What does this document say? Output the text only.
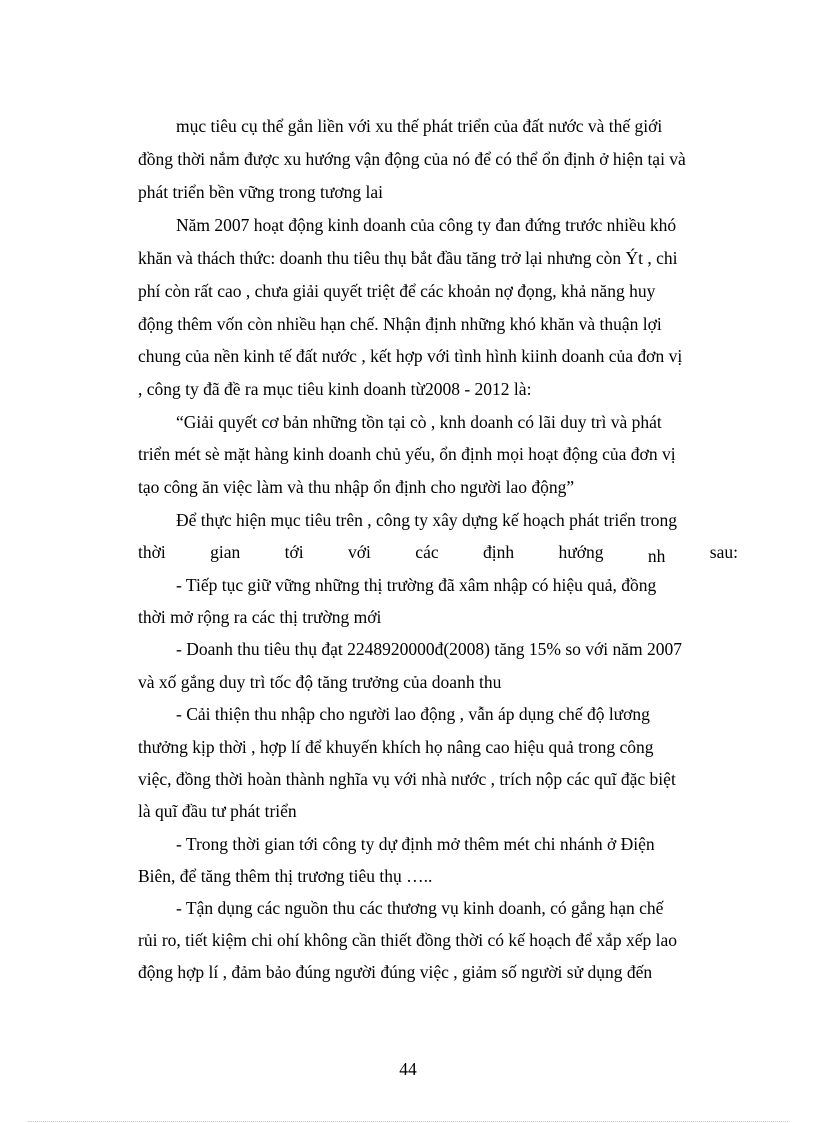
mục tiêu cụ thể gắn liền với xu thế phát triển của đất nước và thế giới
đồng thời nắm được xu hướng vận động của nó để có thể ổn định ở hiện tại và
phát triển bền vững trong tương lai
Năm 2007 hoạt động kinh doanh của công ty đan đứng trước nhiều khó
khăn và thách thức: doanh thu tiêu thụ bắt đầu tăng trở lại nhưng còn Ýt , chi
phí còn rất cao , chưa giải quyết triệt để các khoản nợ đọng, khả năng huy
động thêm vốn còn nhiều hạn chế. Nhận định những khó khăn và thuận lợi
chung của nền kinh tế đất nước , kết hợp với tình hình kiinh doanh của đơn vị
, công ty đã đề ra mục tiêu kinh doanh từ2008 - 2012 là:
“Giải quyết cơ bản những tồn tại cò , knh doanh có lãi duy trì và phát
triển mét sè mặt hàng kinh doanh chủ yếu, ổn định mọi hoạt động của đơn vị
tạo công ăn việc làm và thu nhập ổn định cho người lao động”
Để thực hiện mục tiêu trên , công ty xây dựng kế hoạch phát triển trong
thời	gian	tới	với	các	định	hướng	nh	sau:
- Tiếp tục giữ vững những thị trường đã xâm nhập có hiệu quả, đồng
thời mở rộng ra các thị trường mới
- Doanh thu tiêu thụ đạt 2248920000đ(2008) tăng 15% so với năm 2007
và xố gắng duy trì tốc độ tăng trưởng của doanh thu
- Cải thiện thu nhập cho người lao động , vẫn áp dụng chế độ lương
thưởng kịp thời , hợp lí để khuyến khích họ nâng cao hiệu quả trong công
việc, đồng thời hoàn thành nghĩa vụ với nhà nước , trích nộp các quĩ đặc biệt
là quĩ đầu tư phát triển
- Trong thời gian tới công ty dự định mở thêm mét chi nhánh ở Điện
Biên, để tăng thêm thị trương tiêu thụ …..
- Tận dụng các nguồn thu các thương vụ kinh doanh, có gắng hạn chế
rủi ro, tiết kiệm chi ohí không cần thiết đồng thời có kế hoạch để xắp xếp lao
động hợp lí , đảm bảo đúng người đúng việc , giảm số người sử dụng đến
44
